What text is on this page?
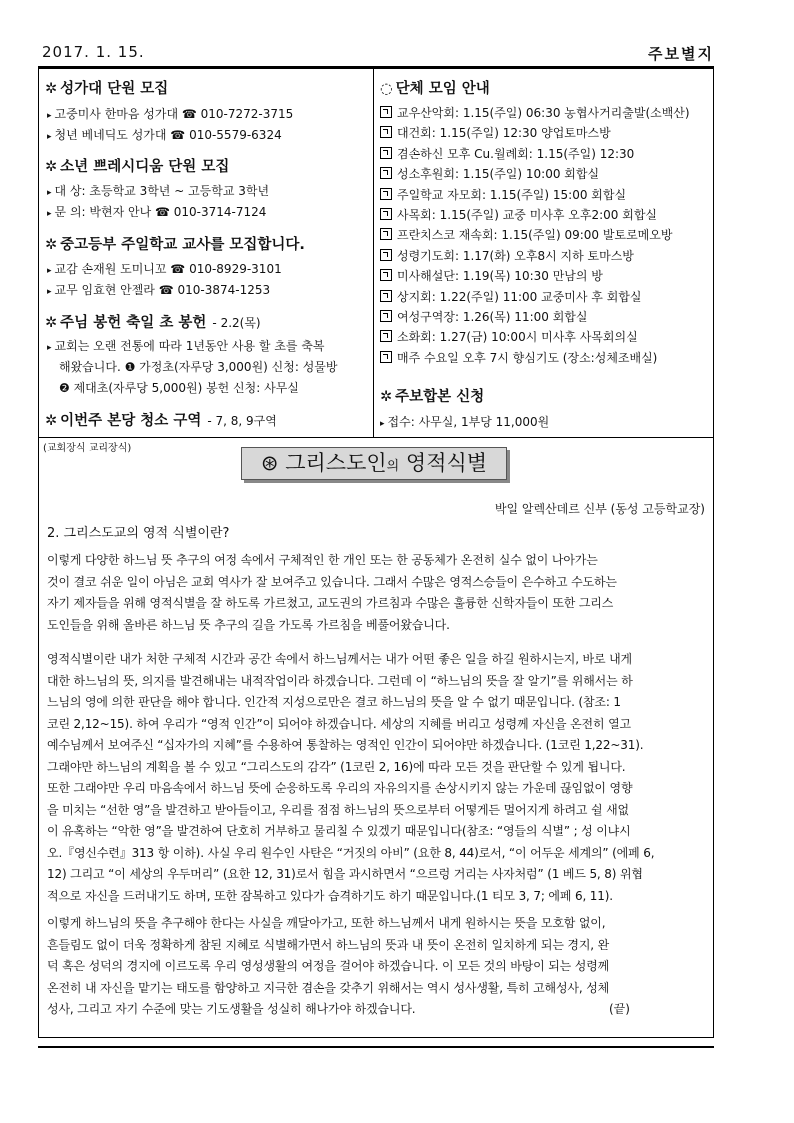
2017. 1. 15.	주보별지
✲ 성가대 단원 모집
▸ 고중미사 한마음 성가대 ☎ 010-7272-3715
▸ 청년 베네딕도 성가대 ☎ 010-5579-6324
✲ 소년 쁘레시디움 단원 모집
▸ 대 상: 초등학교 3학년 ~ 고등학교 3학년
▸ 문 의: 박현자 안나 ☎ 010-3714-7124
✲ 중고등부 주일학교 교사를 모집합니다.
▸ 교감 손재원 도미니꼬 ☎ 010-8929-3101
▸ 교무 임효현 안젤라 ☎ 010-3874-1253
✲ 주님 봉헌 축일 초 봉헌 - 2.2(목)
▸ 교회는 오랜 전통에 따라 1년동안 사용 할 초를 축복
해왔습니다. ❶ 가정초(자루당 3,000원) 신청: 성물방
❷ 제대초(자루당 5,000원) 봉헌 신청: 사무실
✲ 이번주 본당 청소 구역 - 7, 8, 9구역
◌ 단체 모임 안내
교우산악회: 1.15(주일) 06:30 농협사거리출발(소백산)
대건회: 1.15(주일) 12:30 양업토마스방
겸손하신 모후 Cu.월례회: 1.15(주일) 12:30
성소후원회: 1.15(주일) 10:00 회합실
주일학교 자모회: 1.15(주일) 15:00 회합실
사목회: 1.15(주일) 교중 미사후 오후2:00 회합실
프란치스코 재속회: 1.15(주일) 09:00 발토로메오방
성령기도회: 1.17(화) 오후8시 지하 토마스방
미사해설단: 1.19(목) 10:30 만남의 방
상지회: 1.22(주일) 11:00 교중미사 후 회합실
여성구역장: 1.26(목) 11:00 회합실
소화회: 1.27(금) 10:00시 미사후 사목회의실
매주 수요일 오후 7시 향심기도 (장소:성체조배실)
✲ 주보합본 신청
▸ 접수: 사무실, 1부당 11,000원
(교회장식 교리장식)
⊛ 그리스도인의 영적식별
박일 알렉산데르 신부 (동성 고등학교장)
2. 그리스도교의 영적 식별이란?
이렇게 다양한 하느님 뜻 추구의 여정 속에서 구체적인 한 개인 또는 한 공동체가 온전히 실수 없이 나아가는
것이 결코 쉬운 일이 아님은 교회 역사가 잘 보여주고 있습니다. 그래서 수많은 영적스승들이 은수하고 수도하는
자기 제자들을 위해 영적식별을 잘 하도록 가르쳤고, 교도권의 가르침과 수많은 훌륭한 신학자들이 또한 그리스
도인들을 위해 올바른 하느님 뜻 추구의 길을 가도록 가르침을 베풀어왔습니다.
영적식별이란 내가 처한 구체적 시간과 공간 속에서 하느님께서는 내가 어떤 좋은 일을 하길 원하시는지, 바로 내게
대한 하느님의 뜻, 의지를 발견해내는 내적작업이라 하겠습니다. 그런데 이 “하느님의 뜻을 잘 알기”를 위해서는 하
느님의 영에 의한 판단을 해야 합니다. 인간적 지성으로만은 결코 하느님의 뜻을 알 수 없기 때문입니다. (참조: 1
코린 2,12~15). 하여 우리가 “영적 인간”이 되어야 하겠습니다. 세상의 지혜를 버리고 성령께 자신을 온전히 열고
예수님께서 보여주신 “십자가의 지혜”를 수용하여 통찰하는 영적인 인간이 되어야만 하겠습니다. (1코린 1,22~31).
그래야만 하느님의 계획을 볼 수 있고 “그리스도의 감각” (1코린 2, 16)에 따라 모든 것을 판단할 수 있게 됩니다.
또한 그래야만 우리 마음속에서 하느님 뜻에 순응하도록 우리의 자유의지를 손상시키지 않는 가운데 끊임없이 영향
을 미치는 “선한 영”을 발견하고 받아들이고, 우리를 점점 하느님의 뜻으로부터 어떻게든 멀어지게 하려고 쉴 새없
이 유혹하는 “악한 영”을 발견하여 단호히 거부하고 물리칠 수 있겠기 때문입니다(참조: “영들의 식별” ; 성 이냐시
오.『영신수련』313 항 이하). 사실 우리 원수인 사탄은 “거짓의 아비” (요한 8, 44)로서, “이 어두운 세계의” (에페 6,
12) 그리고 “이 세상의 우두머리” (요한 12, 31)로서 힘을 과시하면서 “으르렁 거리는 사자처럼” (1 베드 5, 8) 위협
적으로 자신을 드러내기도 하며, 또한 잠복하고 있다가 습격하기도 하기 때문입니다.(1 티모 3, 7; 에페 6, 11).
이렇게 하느님의 뜻을 추구해야 한다는 사실을 깨달아가고, 또한 하느님께서 내게 원하시는 뜻을 모호함 없이,
흔들림도 없이 더욱 정확하게 참된 지혜로 식별해가면서 하느님의 뜻과 내 뜻이 온전히 일치하게 되는 경지, 완
덕 혹은 성덕의 경지에 이르도록 우리 영성생활의 여정을 걸어야 하겠습니다. 이 모든 것의 바탕이 되는 성령께
온전히 내 자신을 맡기는 태도를 함양하고 지극한 겸손을 갖추기 위해서는 역시 성사생활, 특히 고해성사, 성체
성사, 그리고 자기 수준에 맞는 기도생활을 성실히 해나가야 하겠습니다.	(끝)
